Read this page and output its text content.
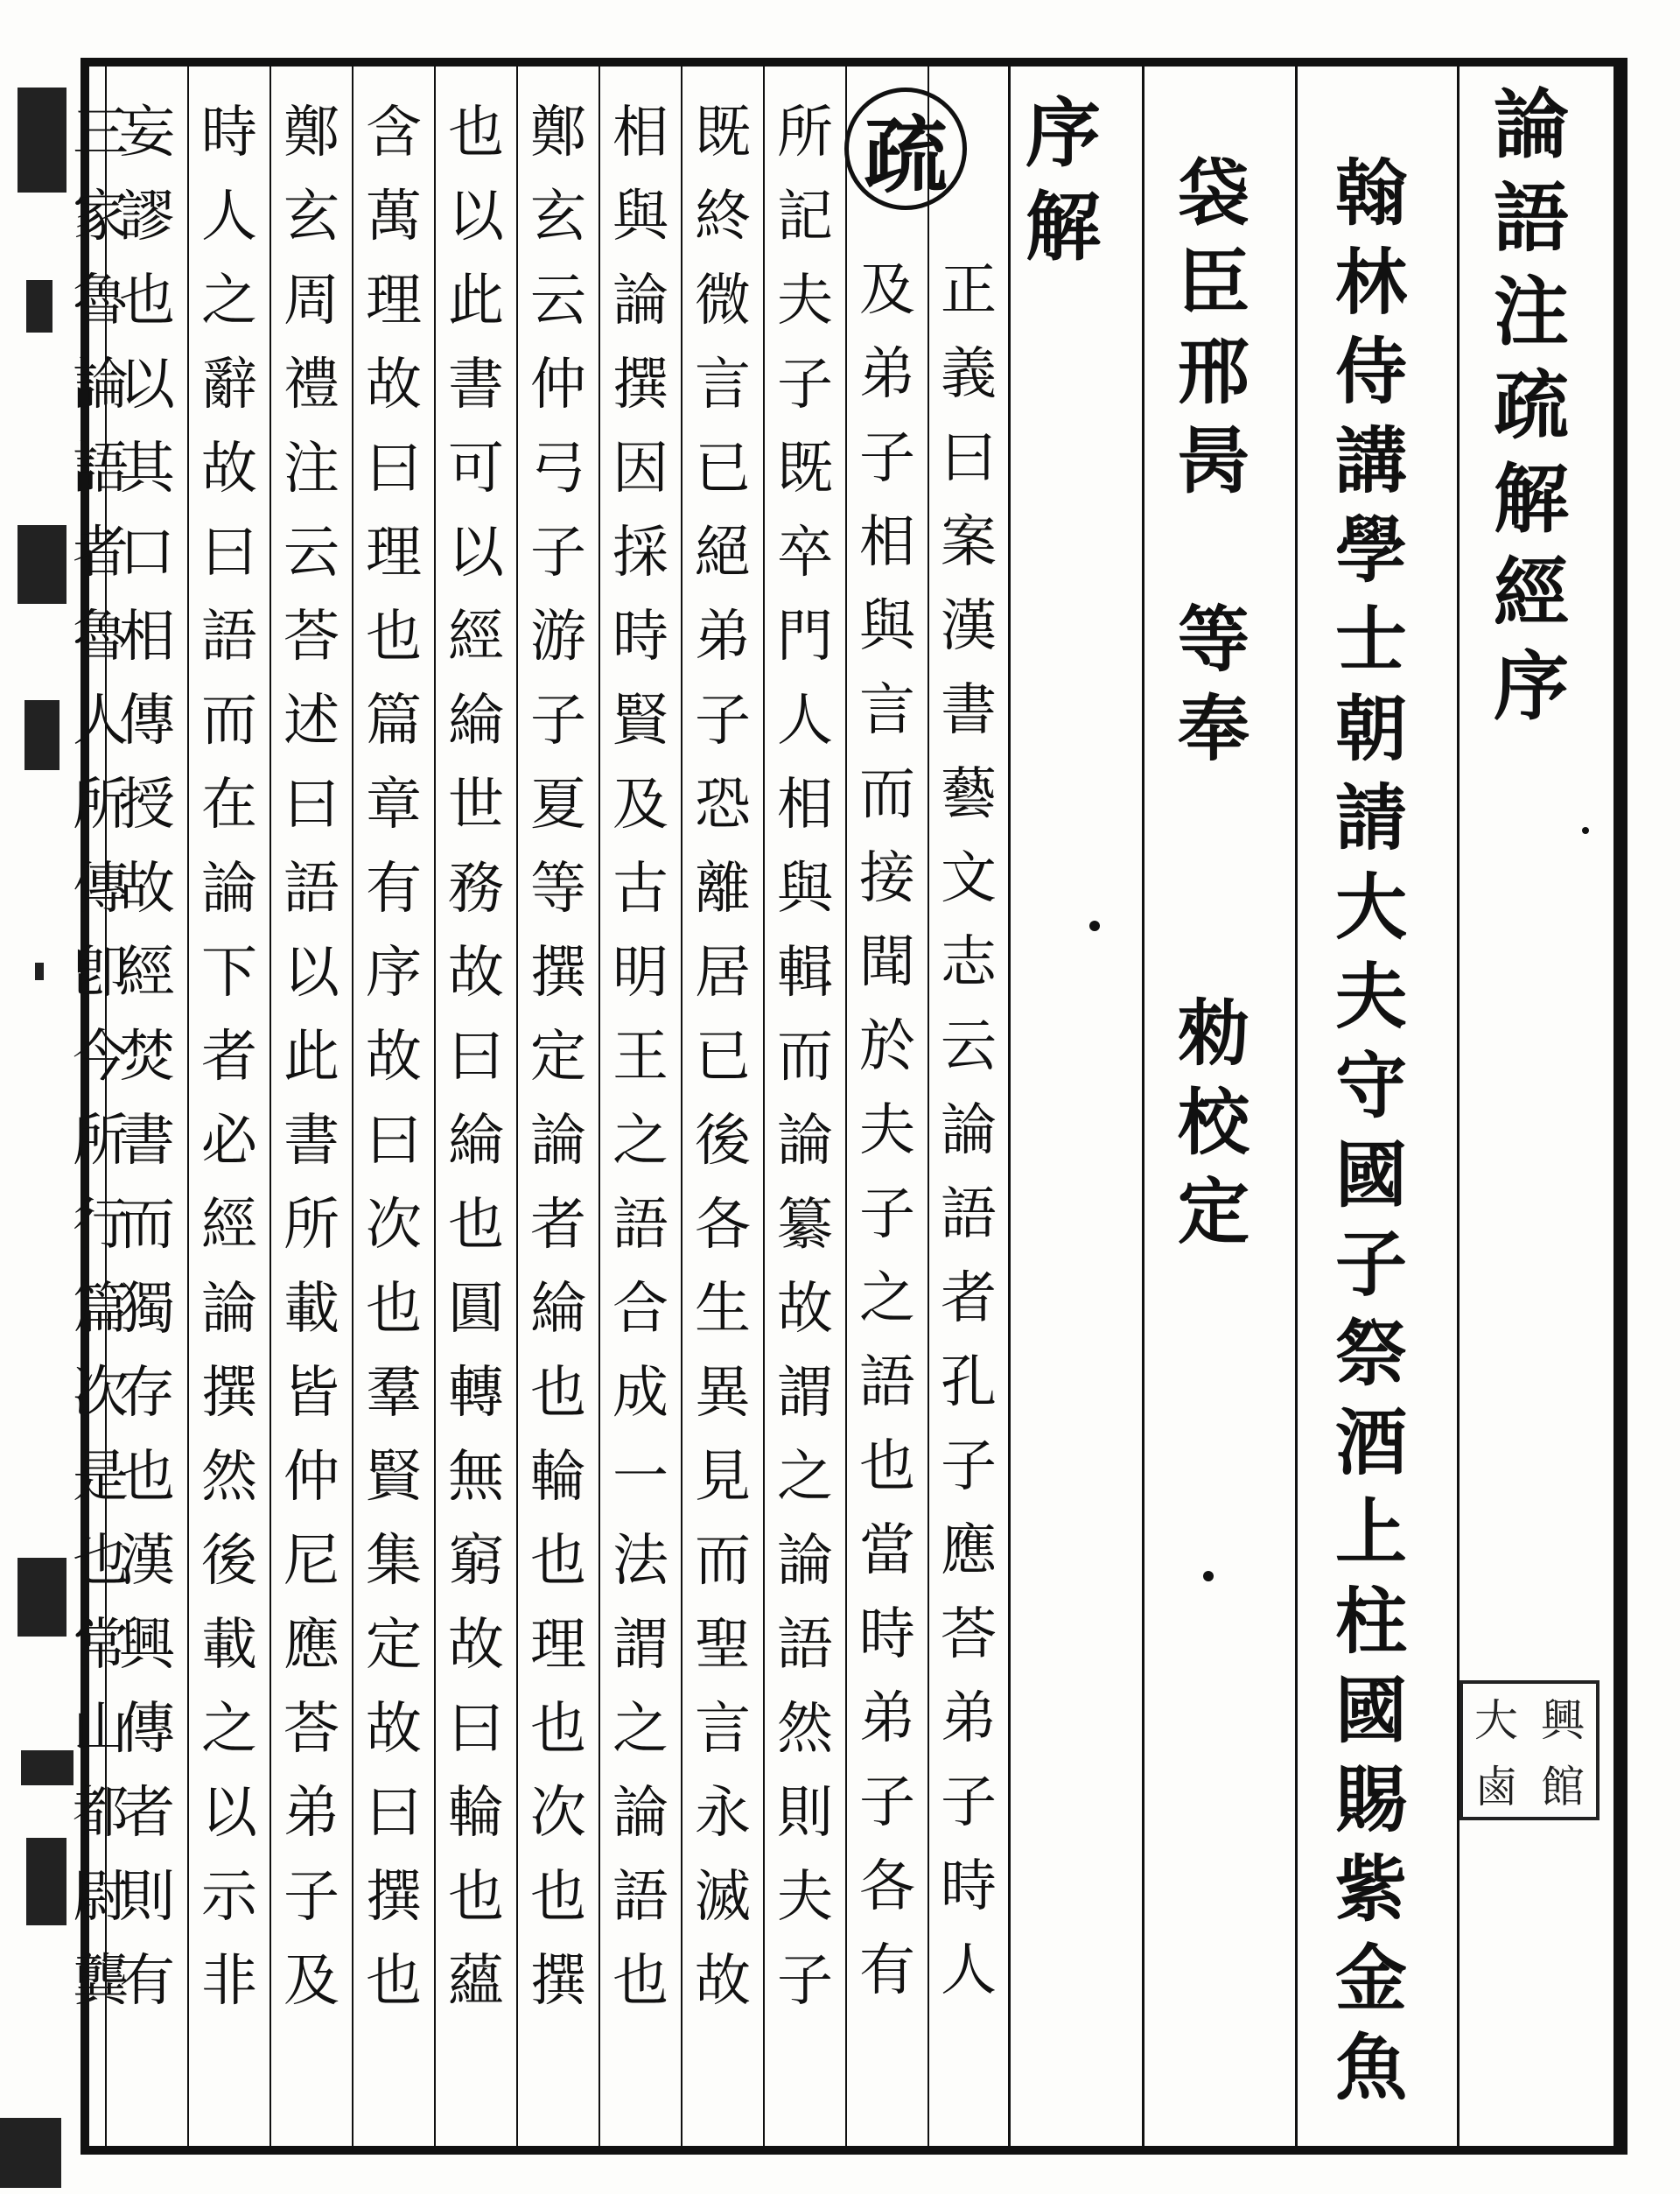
論
語
注
疏
解
經
序
翰
林
侍
講
學
士
朝
請
大
夫
守
國
子
祭
酒
上
柱
國
賜
紫
金
魚
袋
臣
邢
昺
等
奉
勑
校
定
序
解
疏
正
義
曰
案
漢
書
藝
文
志
云
論
語
者
孔
子
應
荅
弟
子
時
人
及
弟
子
相
與
言
而
接
聞
於
夫
子
之
語
也
當
時
弟
子
各
有
所
記
夫
子
既
卒
門
人
相
與
輯
而
論
纂
故
謂
之
論
語
然
則
夫
子
既
終
微
言
已
絕
弟
子
恐
離
居
已
後
各
生
異
見
而
聖
言
永
滅
故
相
與
論
撰
因
採
時
賢
及
古
明
王
之
語
合
成
一
法
謂
之
論
語
也
鄭
玄
云
仲
弓
子
游
子
夏
等
撰
定
論
者
綸
也
輪
也
理
也
次
也
撰
也
以
此
書
可
以
經
綸
世
務
故
曰
綸
也
圓
轉
無
窮
故
曰
輪
也
蘊
含
萬
理
故
曰
理
也
篇
章
有
序
故
曰
次
也
羣
賢
集
定
故
曰
撰
也
鄭
玄
周
禮
注
云
荅
述
曰
語
以
此
書
所
載
皆
仲
尼
應
荅
弟
子
及
時
人
之
辭
故
曰
語
而
在
論
下
者
必
經
論
撰
然
後
載
之
以
示
非
妄
謬
也
以
其
口
相
傳
授
故
經
焚
書
而
獨
存
也
漢
興
傳
者
則
有
三
家
魯
論
語
者
魯
人
所
傳
卽
今
所
行
篇
次
是
也
常
山
都
尉
龔
大 興
鹵 館
